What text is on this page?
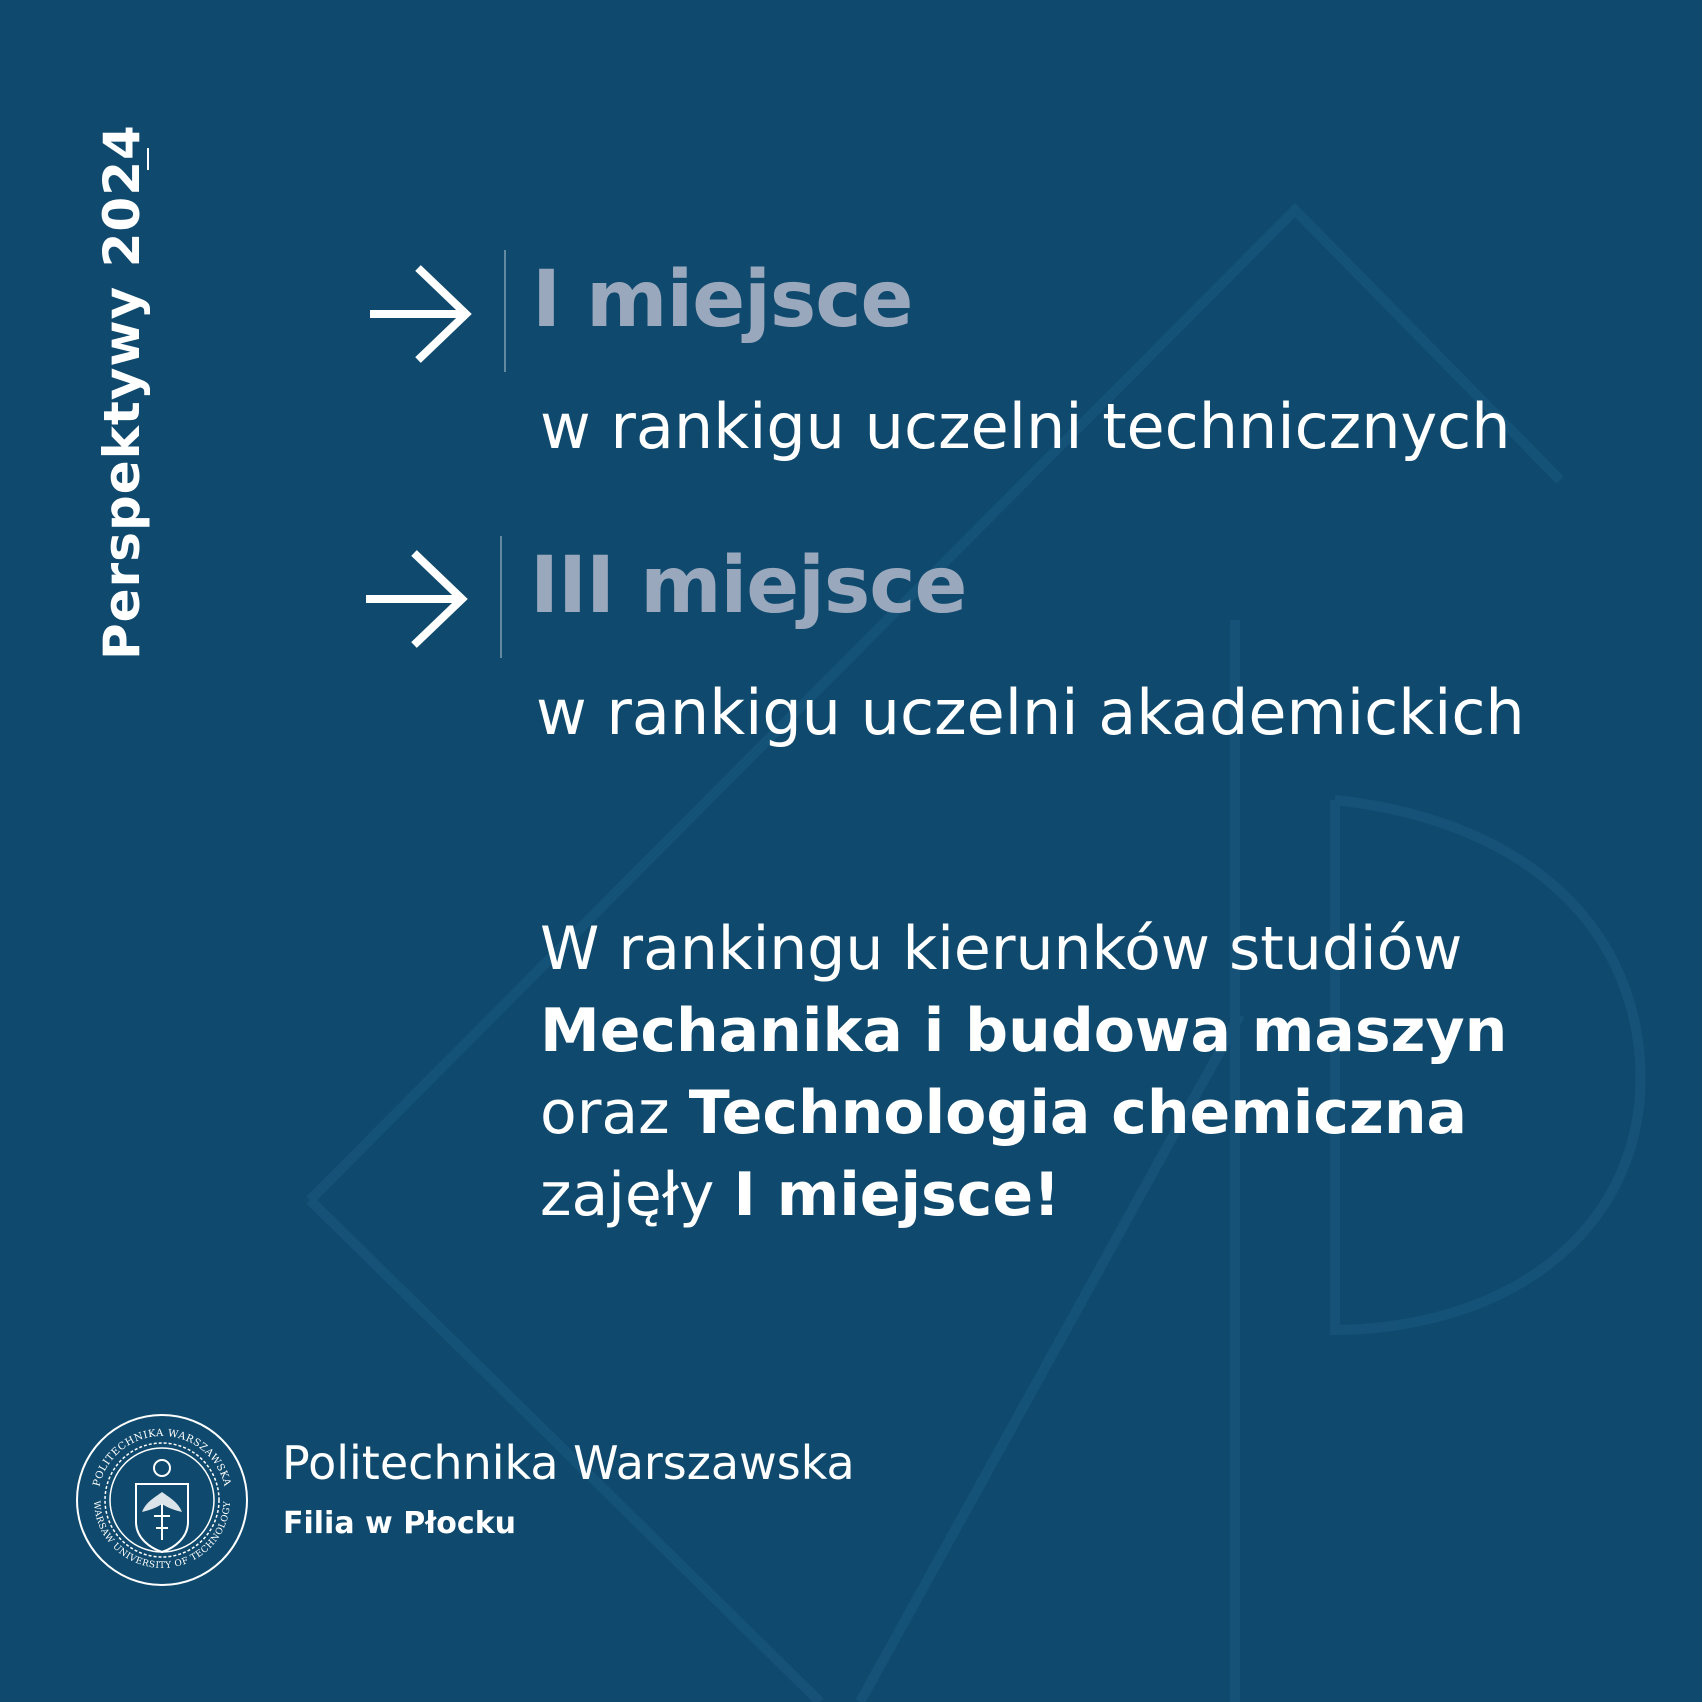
Perspektywy 2024	I miejsce
w rankigu uczelni technicznych
III miejsce
w rankigu uczelni akademickich
W rankingu kierunków studiów
Mechanika i budowa maszyn
oraz Technologia chemiczna
zajęły I miejsce!
POLITECHNIKA WARSZAWSKA
WARSAW UNIVERSITY OF TECHNOLOGY
Politechnika Warszawska
Filia w Płocku
